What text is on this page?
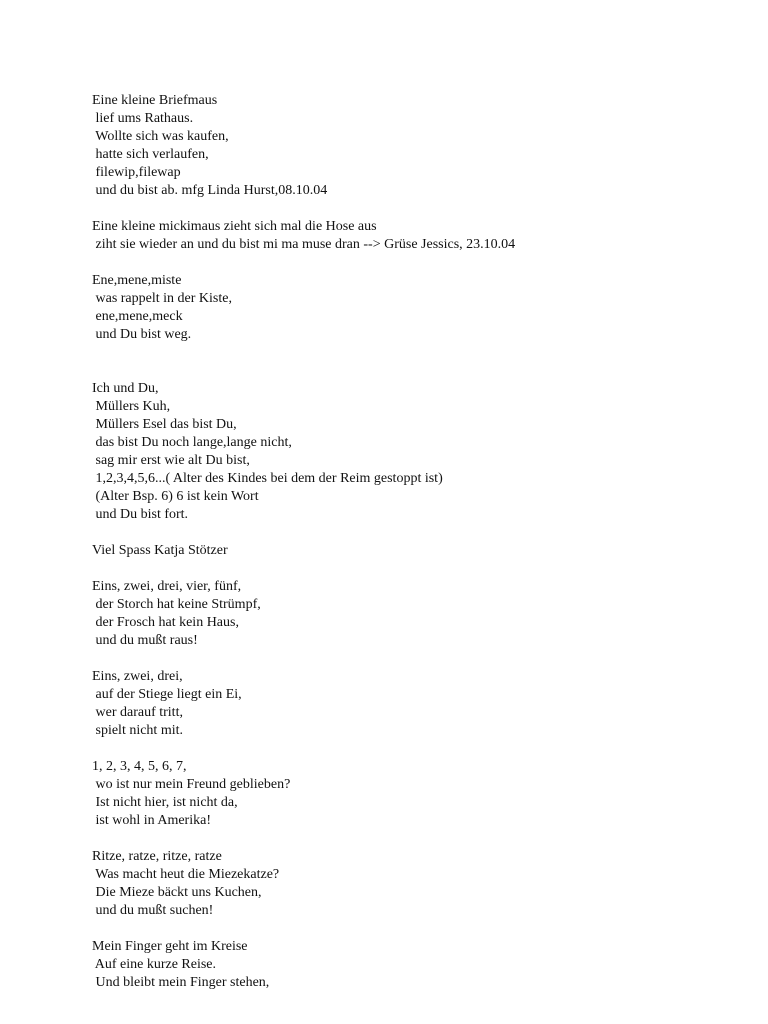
Eine kleine Briefmaus
lief ums Rathaus.
Wollte sich was kaufen,
hatte sich verlaufen,
filewip,filewap
und du bist ab. mfg Linda Hurst,08.10.04
Eine kleine mickimaus zieht sich mal die Hose aus
ziht sie wieder an und du bist mi ma muse dran --> Grüse Jessics, 23.10.04
Ene,mene,miste
was rappelt in der Kiste,
ene,mene,meck
und Du bist weg.
Ich und Du,
Müllers Kuh,
Müllers Esel das bist Du,
das bist Du noch lange,lange nicht,
sag mir erst wie alt Du bist,
1,2,3,4,5,6...( Alter des Kindes bei dem der Reim gestoppt ist)
(Alter Bsp. 6) 6 ist kein Wort
und Du bist fort.
Viel Spass Katja Stötzer
Eins, zwei, drei, vier, fünf,
der Storch hat keine Strümpf,
der Frosch hat kein Haus,
und du mußt raus!
Eins, zwei, drei,
auf der Stiege liegt ein Ei,
wer darauf tritt,
spielt nicht mit.
1, 2, 3, 4, 5, 6, 7,
wo ist nur mein Freund geblieben?
Ist nicht hier, ist nicht da,
ist wohl in Amerika!
Ritze, ratze, ritze, ratze
Was macht heut die Miezekatze?
Die Mieze bäckt uns Kuchen,
und du mußt suchen!
Mein Finger geht im Kreise
Auf eine kurze Reise.
Und bleibt mein Finger stehen,
